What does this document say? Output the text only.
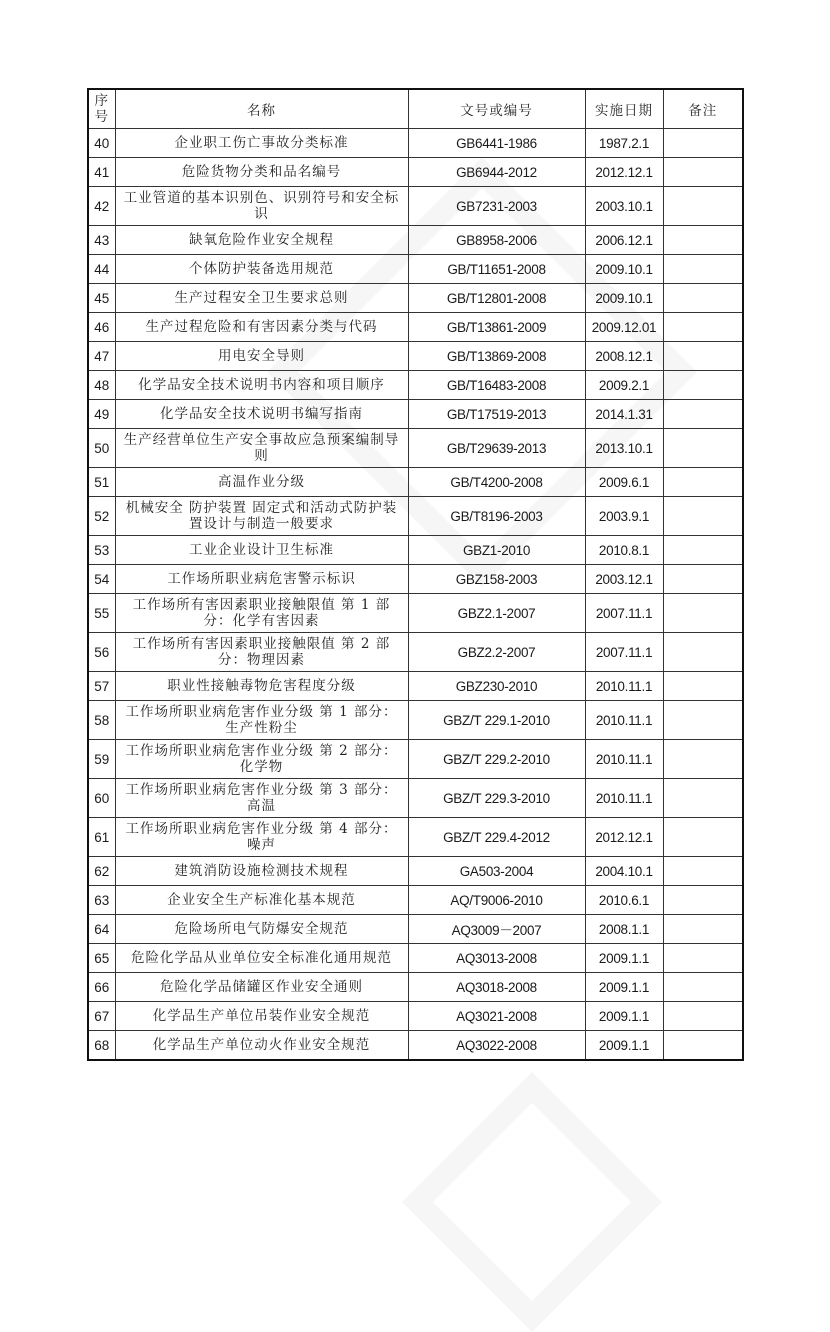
序号	名称	文号或编号	实施日期	备注
40	企业职工伤亡事故分类标准	GB6441-1986	1987.2.1	
41	危险货物分类和品名编号	GB6944-2012	2012.12.1	
42	工业管道的基本识别色、识别符号和安全标识	GB7231-2003	2003.10.1	
43	缺氧危险作业安全规程	GB8958-2006	2006.12.1	
44	个体防护装备选用规范	GB/T11651-2008	2009.10.1	
45	生产过程安全卫生要求总则	GB/T12801-2008	2009.10.1	
46	生产过程危险和有害因素分类与代码	GB/T13861-2009	2009.12.01	
47	用电安全导则	GB/T13869-2008	2008.12.1	
48	化学品安全技术说明书内容和项目顺序	GB/T16483-2008	2009.2.1	
49	化学品安全技术说明书编写指南	GB/T17519-2013	2014.1.31	
50	生产经营单位生产安全事故应急预案编制导则	GB/T29639-2013	2013.10.1	
51	高温作业分级	GB/T4200-2008	2009.6.1	
52	机械安全 防护装置 固定式和活动式防护装置设计与制造一般要求	GB/T8196-2003	2003.9.1	
53	工业企业设计卫生标准	GBZ1-2010	2010.8.1	
54	工作场所职业病危害警示标识	GBZ158-2003	2003.12.1	
55	工作场所有害因素职业接触限值 第 1 部分：化学有害因素	GBZ2.1-2007	2007.11.1	
56	工作场所有害因素职业接触限值 第 2 部分：物理因素	GBZ2.2-2007	2007.11.1	
57	职业性接触毒物危害程度分级	GBZ230-2010	2010.11.1	
58	工作场所职业病危害作业分级 第 1 部分： 生产性粉尘	GBZ/T 229.1-2010	2010.11.1	
59	工作场所职业病危害作业分级 第 2 部分： 化学物	GBZ/T 229.2-2010	2010.11.1	
60	工作场所职业病危害作业分级 第 3 部分： 高温	GBZ/T 229.3-2010	2010.11.1	
61	工作场所职业病危害作业分级 第 4 部分： 噪声	GBZ/T 229.4-2012	2012.12.1	
62	建筑消防设施检测技术规程	GA503-2004	2004.10.1	
63	企业安全生产标准化基本规范	AQ/T9006-2010	2010.6.1	
64	危险场所电气防爆安全规范	AQ3009－2007	2008.1.1	
65	危险化学品从业单位安全标准化通用规范	AQ3013-2008	2009.1.1	
66	危险化学品储罐区作业安全通则	AQ3018-2008	2009.1.1	
67	化学品生产单位吊装作业安全规范	AQ3021-2008	2009.1.1	
68	化学品生产单位动火作业安全规范	AQ3022-2008	2009.1.1	
